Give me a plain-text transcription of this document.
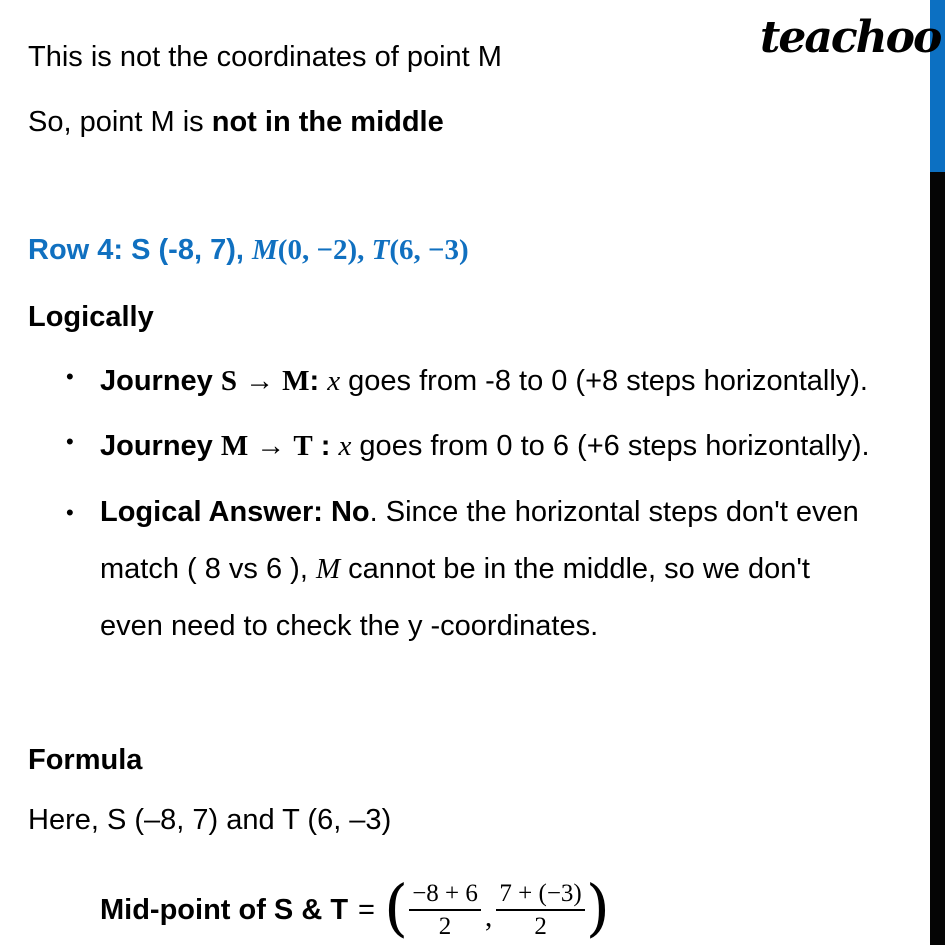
teachoo
This is not the coordinates of point M
So, point M is not in the middle
Row 4: S (-8, 7), M(0, −2), T(6, −3)
Logically
• Journey S → M: x goes from -8 to 0 (+8 steps horizontally).
• Journey M → T : x goes from 0 to 6 (+6 steps horizontally).
• Logical Answer: No. Since the horizontal steps don't even
match ( 8 vs 6 ), M cannot be in the middle, so we don't
even need to check the y -coordinates.
Formula
Here, S (–8, 7) and T (6, –3)
Mid-point of S & T = ( $\frac{-8 + 6}{2}$ , $\frac{7 + (-3)}{2}$ )
